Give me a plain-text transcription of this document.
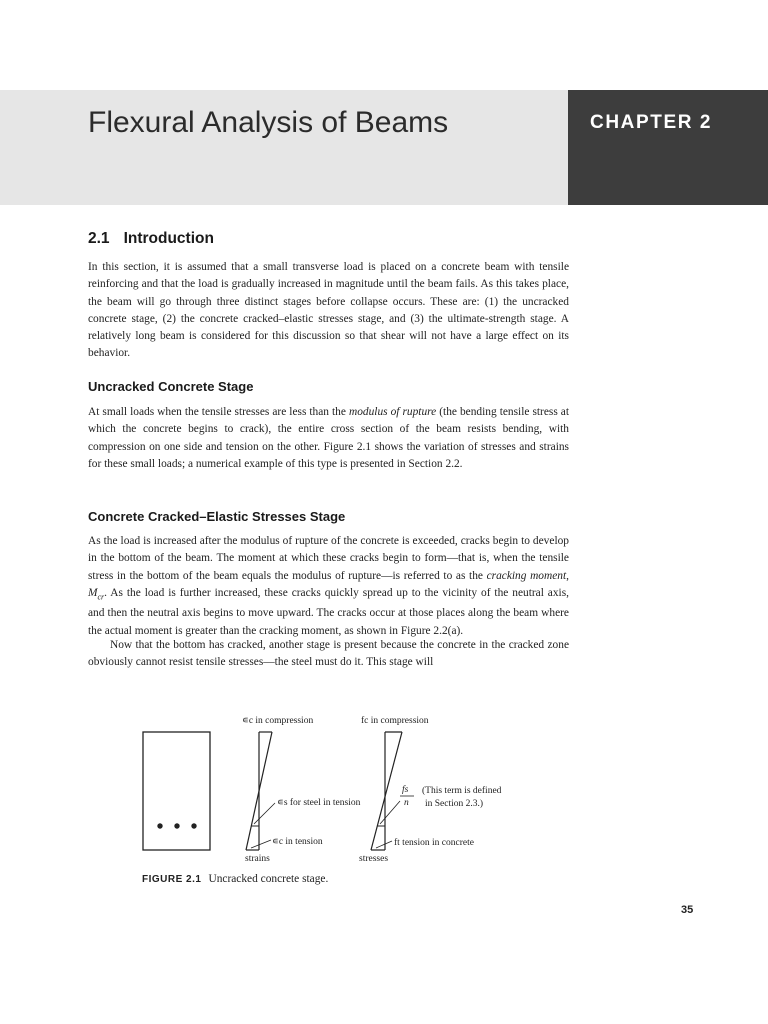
Flexural Analysis of Beams	CHAPTER 2
2.1 Introduction

In this section, it is assumed that a small transverse load is placed on a concrete beam with tensile reinforcing and that the load is gradually increased in magnitude until the beam fails. As this takes place, the beam will go through three distinct stages before collapse occurs. These are: (1) the uncracked concrete stage, (2) the concrete cracked–elastic stresses stage, and (3) the ultimate-strength stage. A relatively long beam is considered for this discussion so that shear will not have a large effect on its behavior.

Uncracked Concrete Stage

At small loads when the tensile stresses are less than the modulus of rupture (the bending tensile stress at which the concrete begins to crack), the entire cross section of the beam resists bending, with compression on one side and tension on the other. Figure 2.1 shows the variation of stresses and strains for these small loads; a numerical example of this type is presented in Section 2.2.

Concrete Cracked–Elastic Stresses Stage

As the load is increased after the modulus of rupture of the concrete is exceeded, cracks begin to develop in the bottom of the beam. The moment at which these cracks begin to form—that is, when the tensile stress in the bottom of the beam equals the modulus of rupture—is referred to as the cracking moment, $M_{cr}$. As the load is further increased, these cracks quickly spread up to the vicinity of the neutral axis, and then the neutral axis begins to move upward. The cracks occur at those places along the beam where the actual moment is greater than the cracking moment, as shown in Figure 2.2(a).

Now that the bottom has cracked, another stage is present because the concrete in the cracked zone obviously cannot resist tensile stresses—the steel must do it. This stage will

∊c in compression
∊s for steel in tension
∊c in tension
strains
fc in compression
fs
n
(This term is defined
in Section 2.3.)
ft tension in concrete
stresses
FIGURE 2.1 Uncracked concrete stage.
35
